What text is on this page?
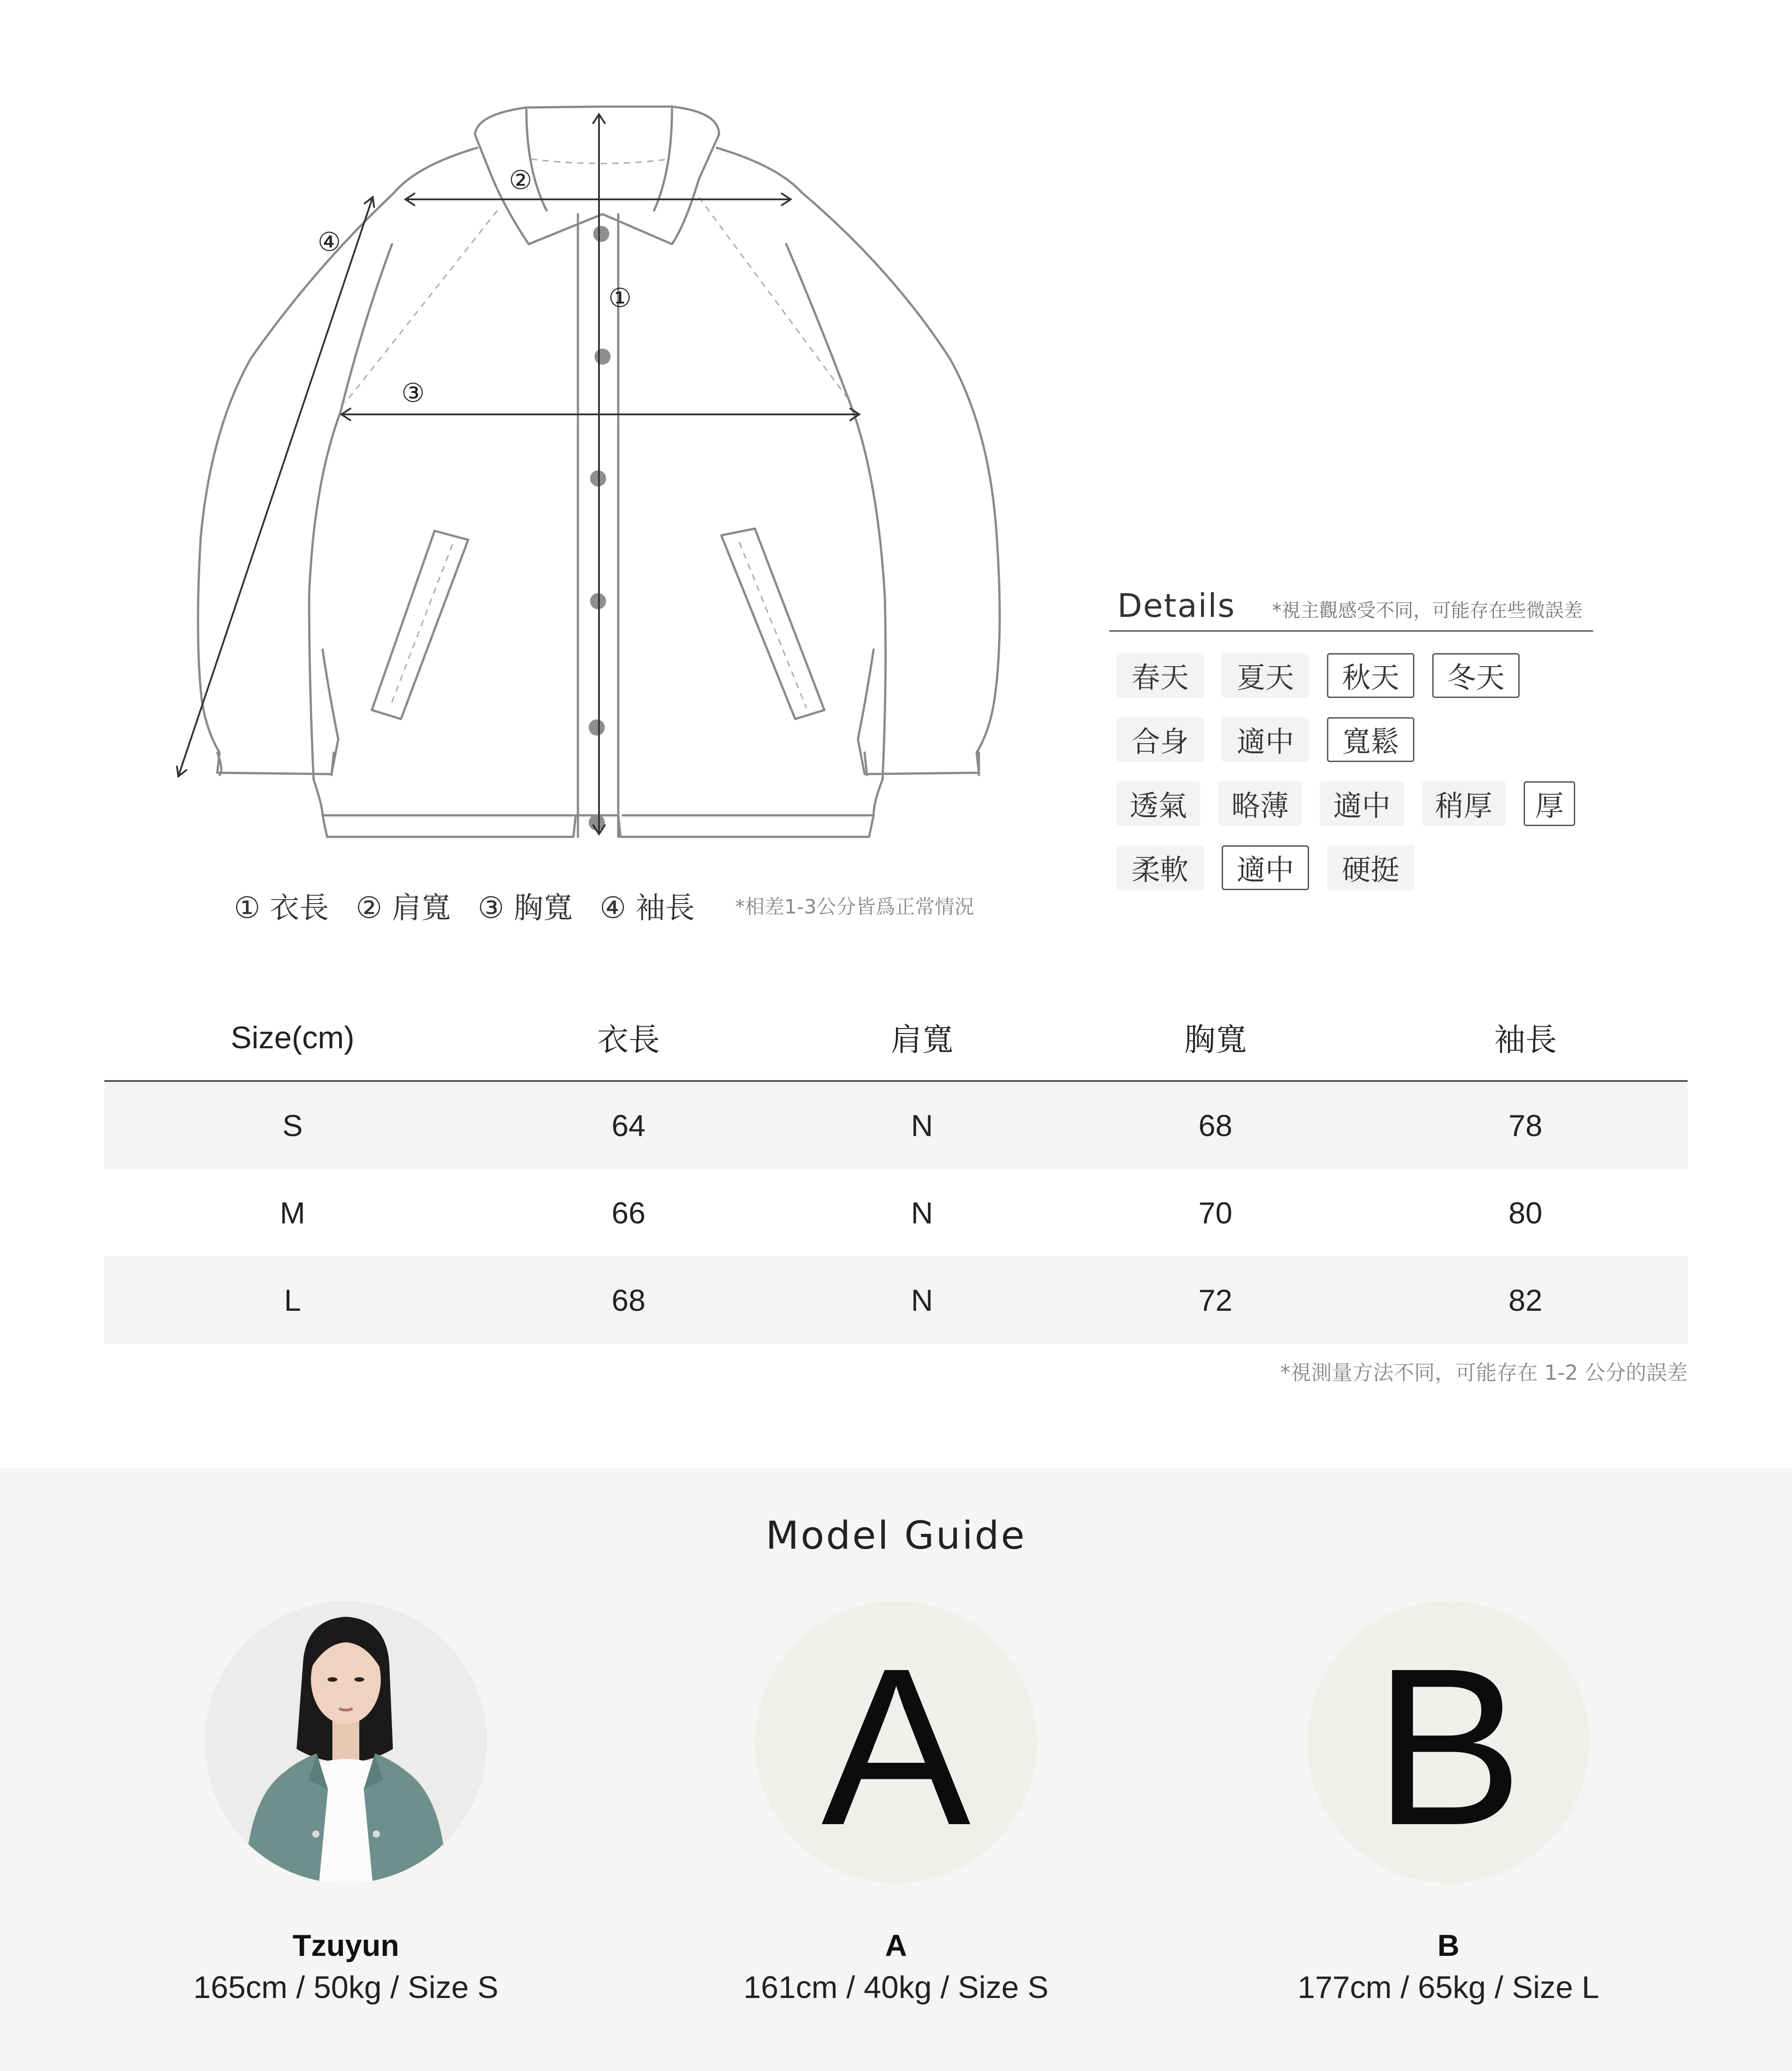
①
②
③
④
① 衣長 ② 肩寬 ③ 胸寬 ④ 袖長 *相差1-3公分皆爲正常情況
Details *視主觀感受不同，可能存在些微誤差
春天	夏天	秋天	冬天
合身	適中	寬鬆
透氣	略薄	適中	稍厚	厚
柔軟	適中	硬挺
Size(cm)	衣長	肩寬	胸寬	袖長
S	64	N	68	78
M	66	N	70	80
L	68	N	72	82
*視測量方法不同，可能存在 1-2 公分的誤差
Model Guide
Tzuyun
165cm / 50kg / Size S
A
A
161cm / 40kg / Size S
B
B
177cm / 65kg / Size L
